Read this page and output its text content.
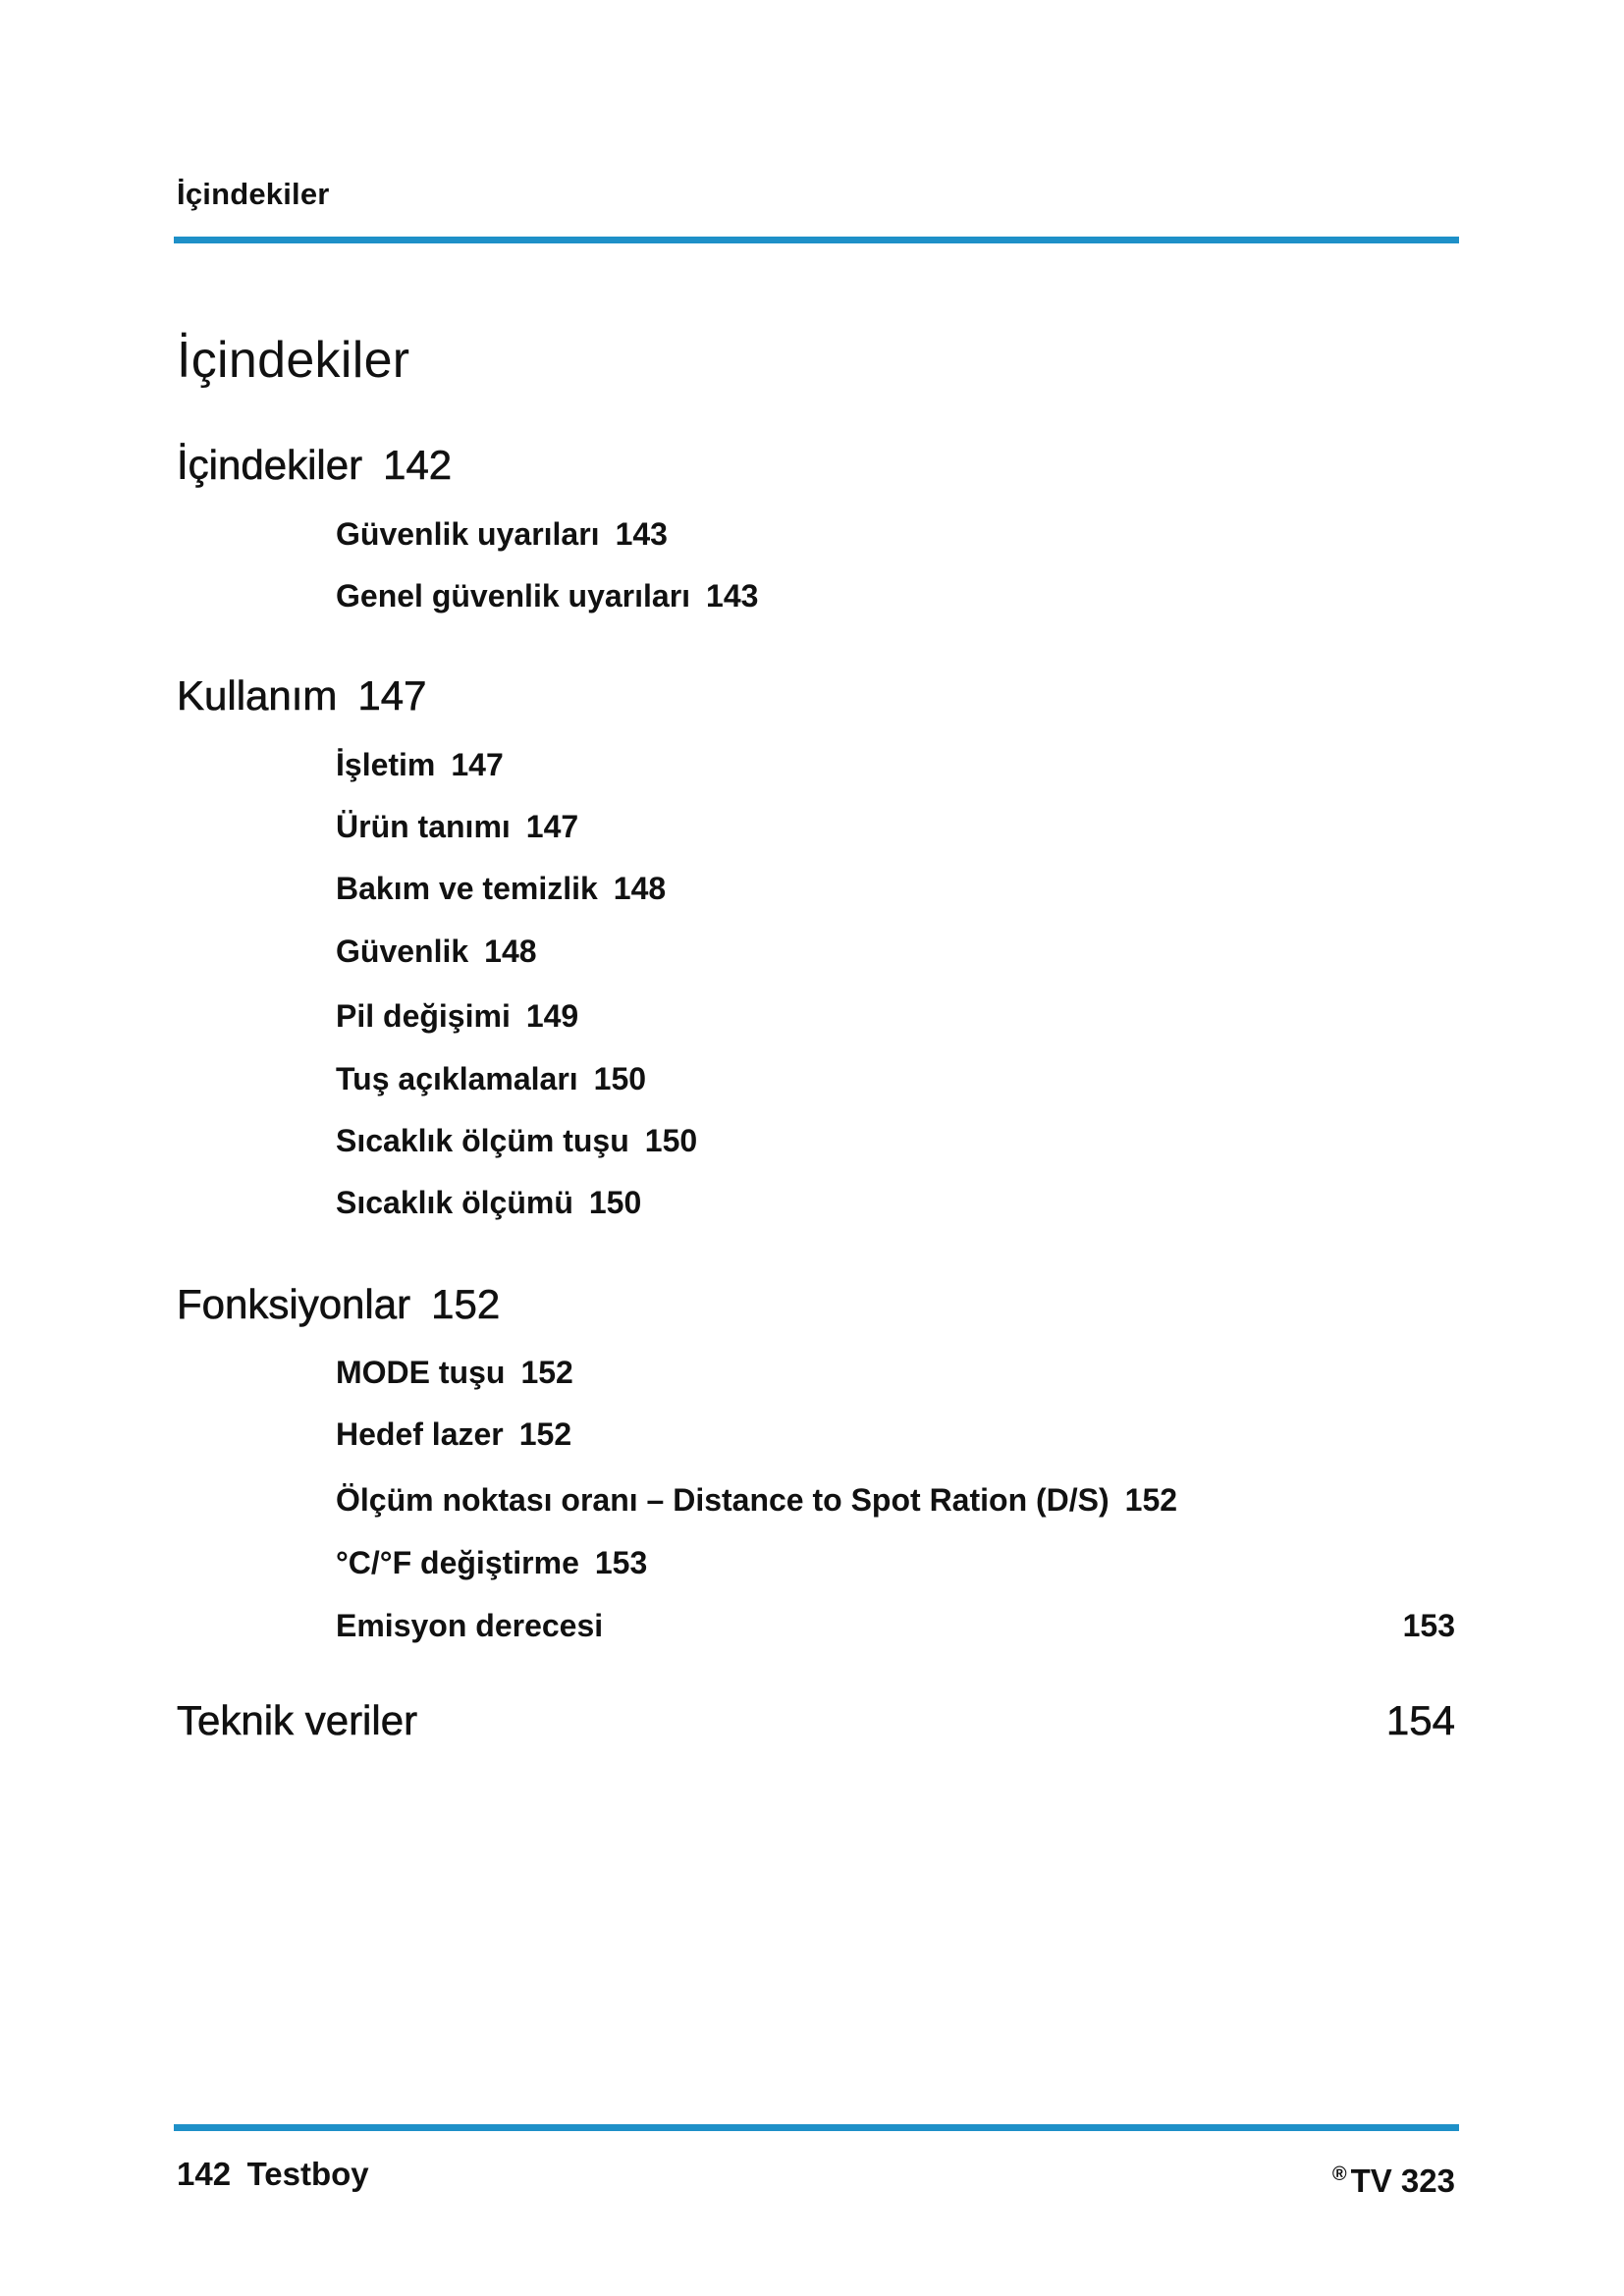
İçindekiler
İçindekiler
İçindekiler 142
Güvenlik uyarıları 143
Genel güvenlik uyarıları 143
Kullanım 147
İşletim 147
Ürün tanımı 147
Bakım ve temizlik 148
Güvenlik 148
Pil değişimi 149
Tuş açıklamaları 150
Sıcaklık ölçüm tuşu 150
Sıcaklık ölçümü 150
Fonksiyonlar 152
MODE tuşu 152
Hedef lazer 152
Ölçüm noktası oranı – Distance to Spot Ration (D/S) 152
°C/°F değiştirme 153
Emisyon derecesi	153
Teknik veriler	154
142 Testboy	® TV 323
